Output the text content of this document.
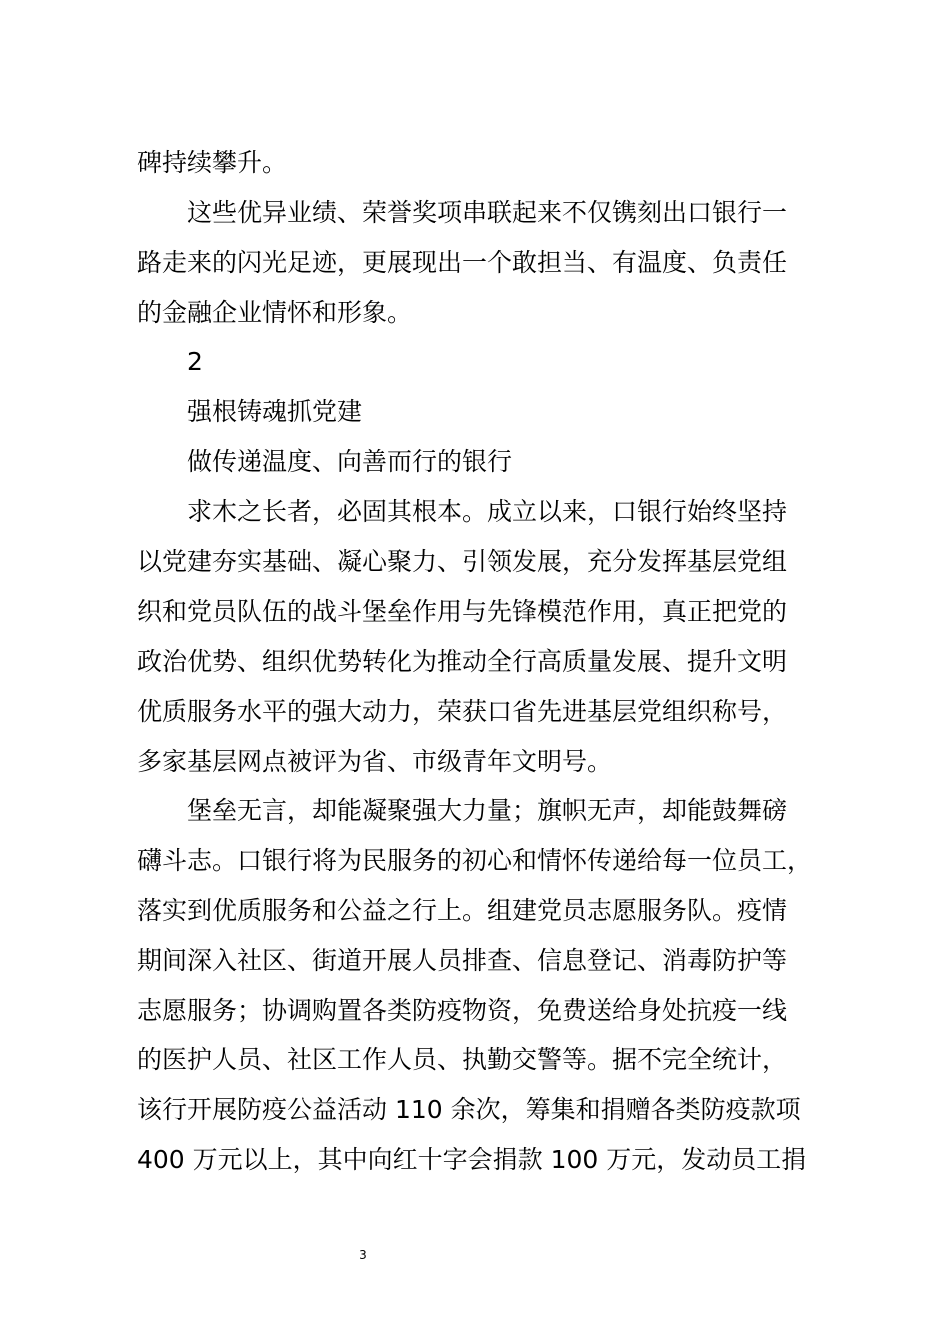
碑持续攀升。

这些优异业绩、荣誉奖项串联起来不仅镌刻出口银行一

路走来的闪光足迹，更展现出一个敢担当、有温度、负责任

的金融企业情怀和形象。

2

强根铸魂抓党建

做传递温度、向善而行的银行

求木之长者，必固其根本。成立以来，口银行始终坚持

以党建夯实基础、凝心聚力、引领发展，充分发挥基层党组

织和党员队伍的战斗堡垒作用与先锋模范作用，真正把党的

政治优势、组织优势转化为推动全行高质量发展、提升文明

优质服务水平的强大动力，荣获口省先进基层党组织称号，

多家基层网点被评为省、市级青年文明号。

堡垒无言，却能凝聚强大力量；旗帜无声，却能鼓舞磅

礴斗志。口银行将为民服务的初心和情怀传递给每一位员工，

落实到优质服务和公益之行上。组建党员志愿服务队。疫情

期间深入社区、街道开展人员排查、信息登记、消毒防护等

志愿服务；协调购置各类防疫物资，免费送给身处抗疫一线

的医护人员、社区工作人员、执勤交警等。据不完全统计，

该行开展防疫公益活动 110 余次，筹集和捐赠各类防疫款项

400 万元以上，其中向红十字会捐款 100 万元，发动员工捐

3
